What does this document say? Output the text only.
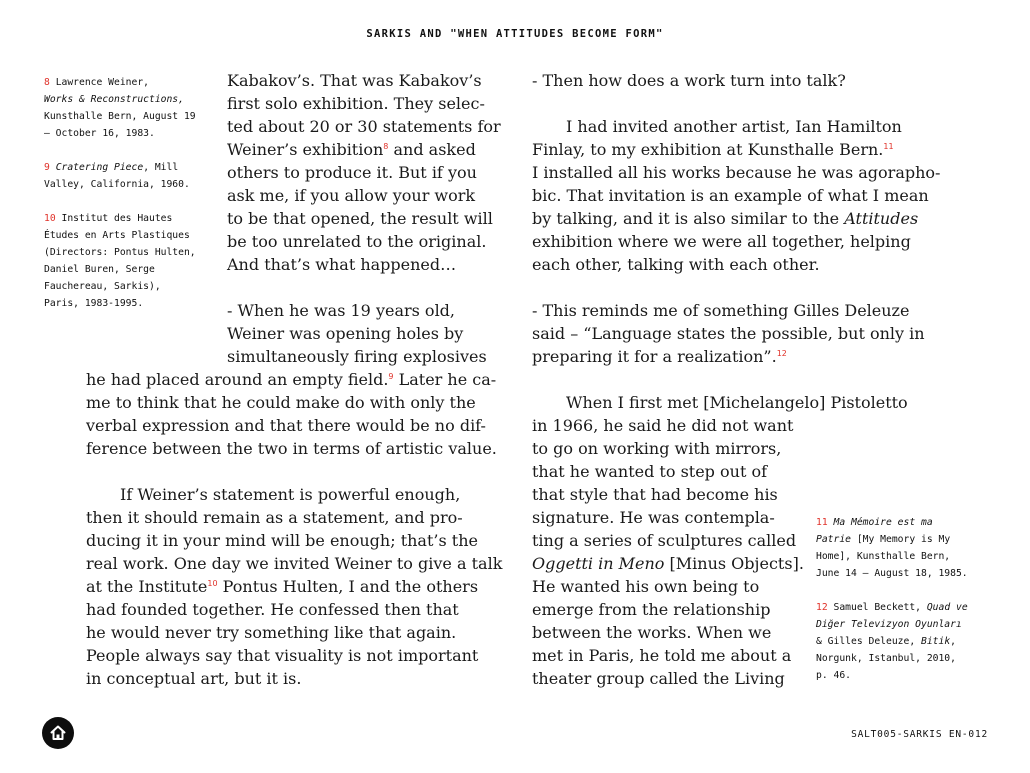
SARKIS AND "WHEN ATTITUDES BECOME FORM"
8 Lawrence Weiner,
Works & Reconstructions,
Kunsthalle Bern, August 19
– October 16, 1983.
9 Cratering Piece, Mill
Valley, California, 1960.
10 Institut des Hautes
Études en Arts Plastiques
(Directors: Pontus Hulten,
Daniel Buren, Serge
Fauchereau, Sarkis),
Paris, 1983-1995.
Kabakov’s. That was Kabakov’s
first solo exhibition. They selec-
ted about 20 or 30 statements for
Weiner’s exhibition$^8$ and asked
others to produce it. But if you
ask me, if you allow your work
to be that opened, the result will
be too unrelated to the original.
And that’s what happened…
- When he was 19 years old,
Weiner was opening holes by
simultaneously firing explosives
he had placed around an empty field.$^9$ Later he ca-
me to think that he could make do with only the
verbal expression and that there would be no dif-
ference between the two in terms of artistic value.
If Weiner’s statement is powerful enough,
then it should remain as a statement, and pro-
ducing it in your mind will be enough; that’s the
real work. One day we invited Weiner to give a talk
at the Institute$^{10}$ Pontus Hulten, I and the others
had founded together. He confessed then that
he would never try something like that again.
People always say that visuality is not important
in conceptual art, but it is.
- Then how does a work turn into talk?
I had invited another artist, Ian Hamilton
Finlay, to my exhibition at Kunsthalle Bern.$^{11}$
I installed all his works because he was agorapho-
bic. That invitation is an example of what I mean
by talking, and it is also similar to the Attitudes
exhibition where we were all together, helping
each other, talking with each other.
- This reminds me of something Gilles Deleuze
said – “Language states the possible, but only in
preparing it for a realization”.$^{12}$
When I first met [Michelangelo] Pistoletto
in 1966, he said he did not want
to go on working with mirrors,
that he wanted to step out of
that style that had become his
signature. He was contempla-
ting a series of sculptures called
Oggetti in Meno [Minus Objects].
He wanted his own being to
emerge from the relationship
between the works. When we
met in Paris, he told me about a
theater group called the Living
11 Ma Mémoire est ma
Patrie [My Memory is My
Home], Kunsthalle Bern,
June 14 – August 18, 1985.
12 Samuel Beckett, Quad ve
Diğer Televizyon Oyunları
& Gilles Deleuze, Bitik,
Norgunk, Istanbul, 2010,
p. 46.
SALT005-SARKIS EN-012
